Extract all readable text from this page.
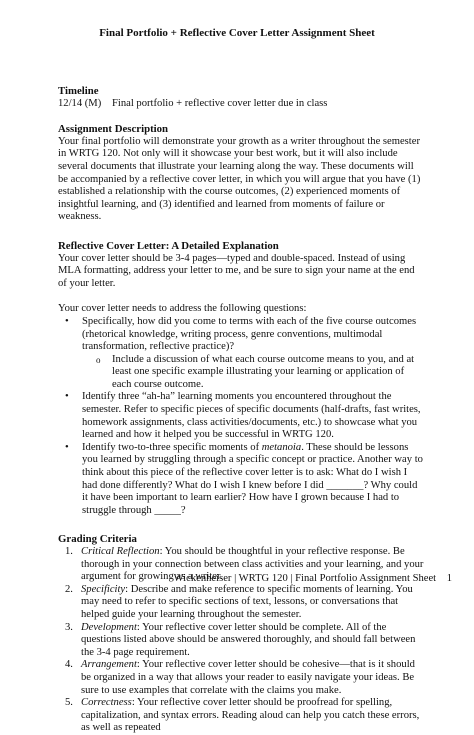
Final Portfolio + Reflective Cover Letter Assignment Sheet
Timeline
12/14 (M)	Final portfolio + reflective cover letter due in class
Assignment Description

Your final portfolio will demonstrate your growth as a writer throughout the semester in WRTG 120. Not only will it showcase your best work, but it will also include several documents that illustrate your learning along the way. These documents will be accompanied by a reflective cover letter, in which you will argue that you have (1) established a relationship with the course outcomes, (2) experienced moments of insightful learning, and (3) identified and learned from moments of failure or weakness.

Reflective Cover Letter: A Detailed Explanation

Your cover letter should be 3-4 pages—typed and double-spaced. Instead of using MLA formatting, address your letter to me, and be sure to sign your name at the end of your letter.

Your cover letter needs to address the following questions:

• Specifically, how did you come to terms with each of the five course outcomes (rhetorical knowledge, writing process, genre conventions, multimodal transformation, reflective practice)?
o Include a discussion of what each course outcome means to you, and at least one specific example illustrating your learning or application of each course outcome.
• Identify three “ah-ha” learning moments you encountered throughout the semester. Refer to specific pieces of specific documents (half-drafts, fast writes, homework assignments, class activities/documents, etc.) to showcase what you learned and how it helped you be successful in WRTG 120.
• Identify two-to-three specific moments of metanoia. These should be lessons you learned by struggling through a specific concept or practice. Another way to think about this piece of the reflective cover letter is to ask: What do I wish I had done differently? What do I wish I knew before I did _______? Why could it have been important to learn earlier? How have I grown because I had to struggle through _____?
Grading Criteria
1. Critical Reflection: You should be thoughtful in your reflective response. Be thorough in your connection between class activities and your learning, and your argument for growing as a writer.
2. Specificity: Describe and make reference to specific moments of learning. You may need to refer to specific sections of text, lessons, or conversations that helped guide your learning throughout the semester.
3. Development: Your reflective cover letter should be complete. All of the questions listed above should be answered thoroughly, and should fall between the 3-4 page requirement.
4. Arrangement: Your reflective cover letter should be cohesive—that is it should be organized in a way that allows your reader to easily navigate your ideas. Be sure to use examples that correlate with the claims you make.
5. Correctness: Your reflective cover letter should be proofread for spelling, capitalization, and syntax errors. Reading aloud can help you catch these errors, as well as repeated
Wickenheiser | WRTG 120 | Final Portfolio Assignment Sheet    1
